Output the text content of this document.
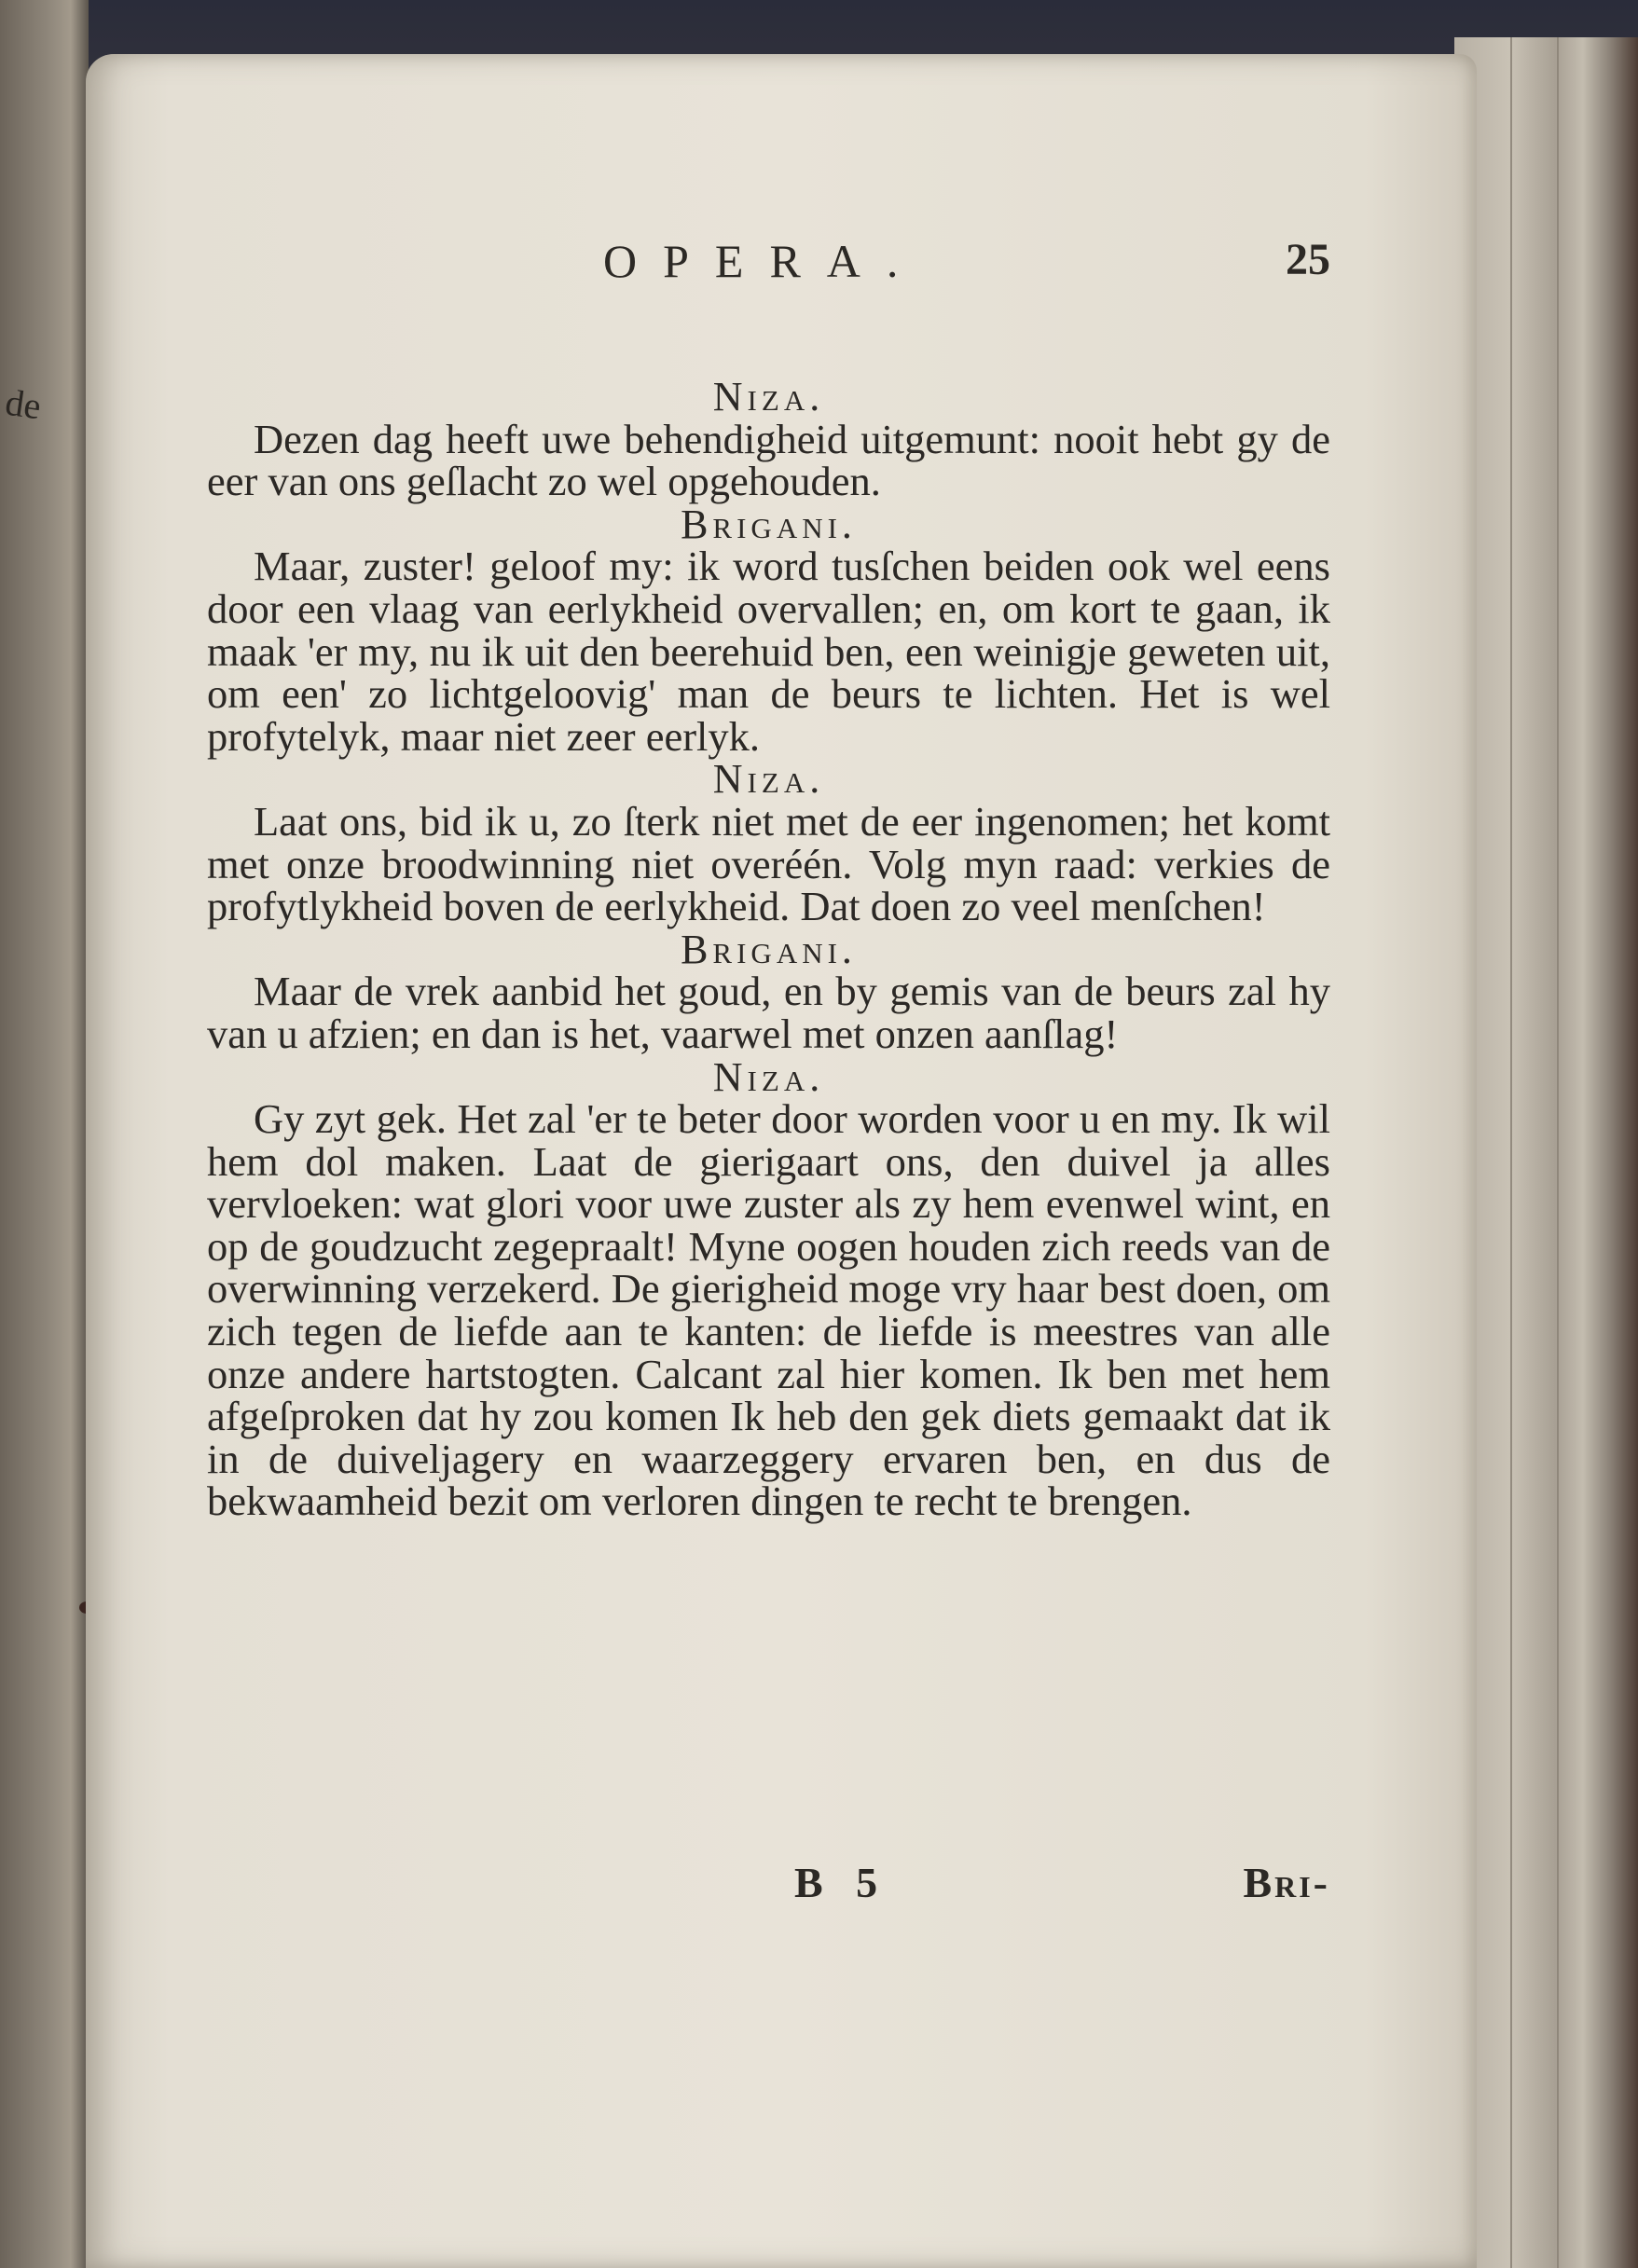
de
OPERA.	25
Niza.
Dezen dag heeft uwe behendigheid uitgemunt: nooit hebt gy de eer van ons geſlacht zo wel opgehouden.
Brigani.
Maar, zuster! geloof my: ik word tusſchen beiden ook wel eens door een vlaag van eerlykheid overvallen; en, om kort te gaan, ik maak 'er my, nu ik uit den beerehuid ben, een weinigje geweten uit, om een' zo lichtgeloovig' man de beurs te lichten. Het is wel profytelyk, maar niet zeer eerlyk.
Niza.
Laat ons, bid ik u, zo ſterk niet met de eer ingenomen; het komt met onze broodwinning niet overéén. Volg myn raad: verkies de profytlykheid boven de eerlykheid. Dat doen zo veel menſchen!
Brigani.
Maar de vrek aanbid het goud, en by gemis van de beurs zal hy van u afzien; en dan is het, vaarwel met onzen aanſlag!
Niza.
Gy zyt gek. Het zal 'er te beter door worden voor u en my. Ik wil hem dol maken. Laat de gierigaart ons, den duivel ja alles vervloeken: wat glori voor uwe zuster als zy hem evenwel wint, en op de goudzucht zegepraalt! Myne oogen houden zich reeds van de overwinning verzekerd. De gierigheid moge vry haar best doen, om zich tegen de liefde aan te kanten: de liefde is meestres van alle onze andere hartstogten. Calcant zal hier komen. Ik ben met hem afgeſproken dat hy zou komen Ik heb den gek diets gemaakt dat ik in de duiveljagery en waarzeggery ervaren ben, en dus de bekwaamheid bezit om verloren dingen te recht te brengen.
B 5	Bri-
